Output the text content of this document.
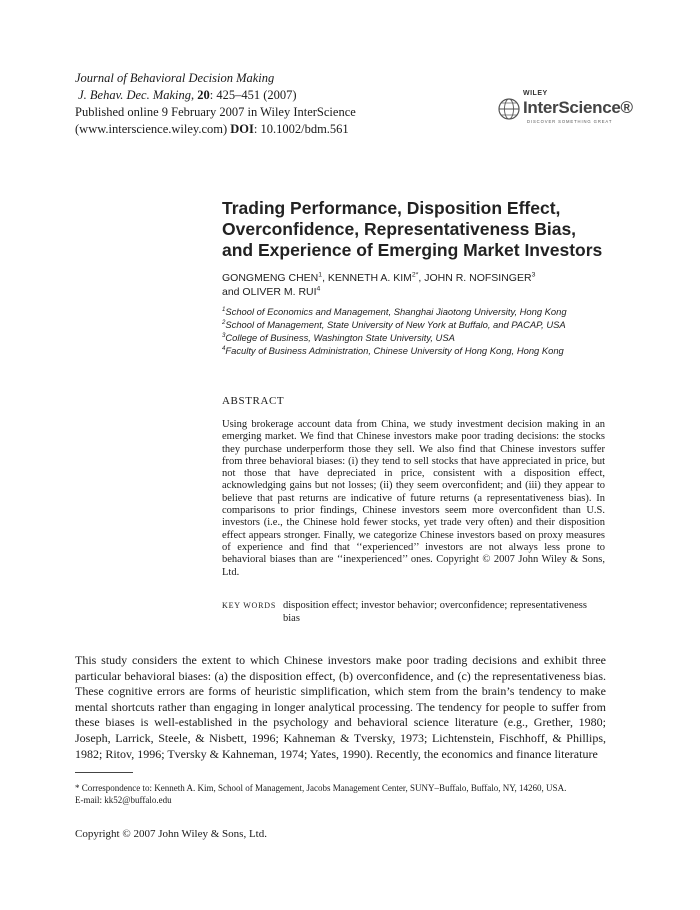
Journal of Behavioral Decision Making
J. Behav. Dec. Making, 20: 425–451 (2007)
Published online 9 February 2007 in Wiley InterScience
(www.interscience.wiley.com) DOI: 10.1002/bdm.561
WILEY
InterScience®
DISCOVER SOMETHING GREAT
Trading Performance, Disposition Effect,
Overconfidence, Representativeness Bias,
and Experience of Emerging Market Investors
GONGMENG CHEN$^1$, KENNETH A. $KIM^{2*}$, JOHN R. NOFSINGER$^3$
and OLIVER M. RUI$^4$
$^1$School of Economics and Management, Shanghai Jiaotong University, Hong Kong
$^2$School of Management, State University of New York at Buffalo, and PACAP, USA
$^3$College of Business, Washington State University, USA
$^4$Faculty of Business Administration, Chinese University of Hong Kong, Hong Kong
ABSTRACT
Using brokerage account data from China, we study investment decision making in an emerging market. We find that Chinese investors make poor trading decisions: the stocks they purchase underperform those they sell. We also find that Chinese investors suffer from three behavioral biases: (i) they tend to sell stocks that have appreciated in price, but not those that have depreciated in price, consistent with a disposition effect, acknowledging gains but not losses; (ii) they seem overconfident; and (iii) they appear to believe that past returns are indicative of future returns (a representativeness bias). In comparisons to prior findings, Chinese investors seem more overconfident than U.S. investors (i.e., the Chinese hold fewer stocks, yet trade very often) and their disposition effect appears stronger. Finally, we categorize Chinese investors based on proxy measures of experience and find that ‘‘experienced’’ investors are not always less prone to behavioral biases than are ‘‘inexperienced’’ ones. Copyright © 2007 John Wiley & Sons, Ltd.
KEY WORDS disposition effect; investor behavior; overconfidence; representativeness bias
This study considers the extent to which Chinese investors make poor trading decisions and exhibit three particular behavioral biases: (a) the disposition effect, (b) overconfidence, and (c) the representativeness bias. These cognitive errors are forms of heuristic simplification, which stem from the brain’s tendency to make mental shortcuts rather than engaging in longer analytical processing. The tendency for people to suffer from these biases is well-established in the psychology and behavioral science literature (e.g., Grether, 1980; Joseph, Larrick, Steele, & Nisbett, 1996; Kahneman & Tversky, 1973; Lichtenstein, Fischhoff, & Phillips, 1982; Ritov, 1996; Tversky & Kahneman, 1974; Yates, 1990). Recently, the economics and finance literature
* Correspondence to: Kenneth A. Kim, School of Management, Jacobs Management Center, SUNY–Buffalo, Buffalo, NY, 14260, USA.
E-mail: kk52@buffalo.edu
Copyright © 2007 John Wiley & Sons, Ltd.
